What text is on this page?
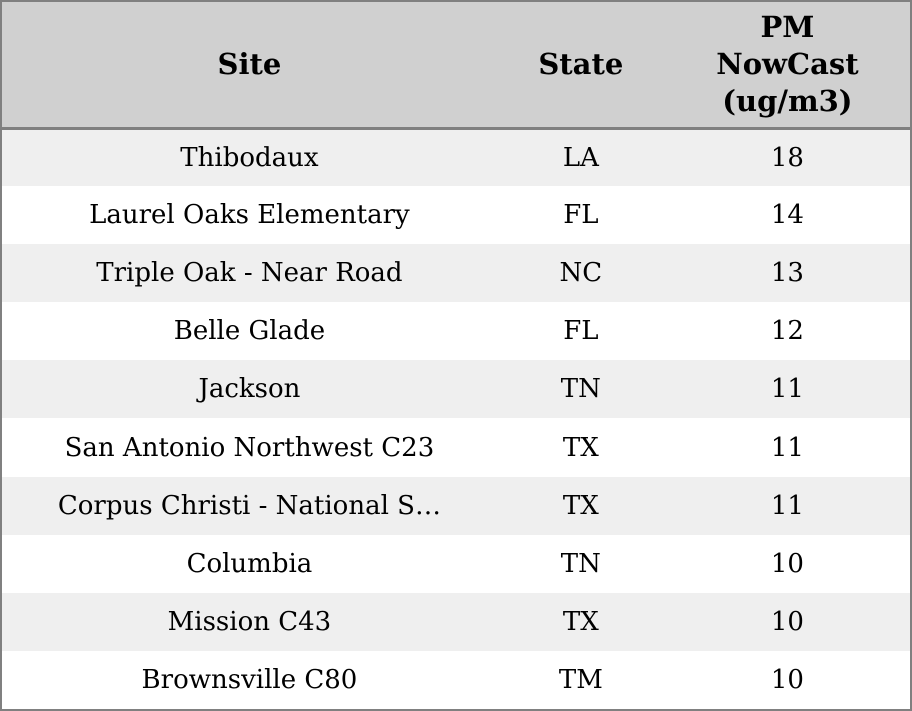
Site	State	PM NowCast (ug/m3)
Thibodaux	LA	18
Laurel Oaks Elementary	FL	14
Triple Oak - Near Road	NC	13
Belle Glade	FL	12
Jackson	TN	11
San Antonio Northwest C23	TX	11
Corpus Christi - National S…	TX	11
Columbia	TN	10
Mission C43	TX	10
Brownsville C80	TM	10
